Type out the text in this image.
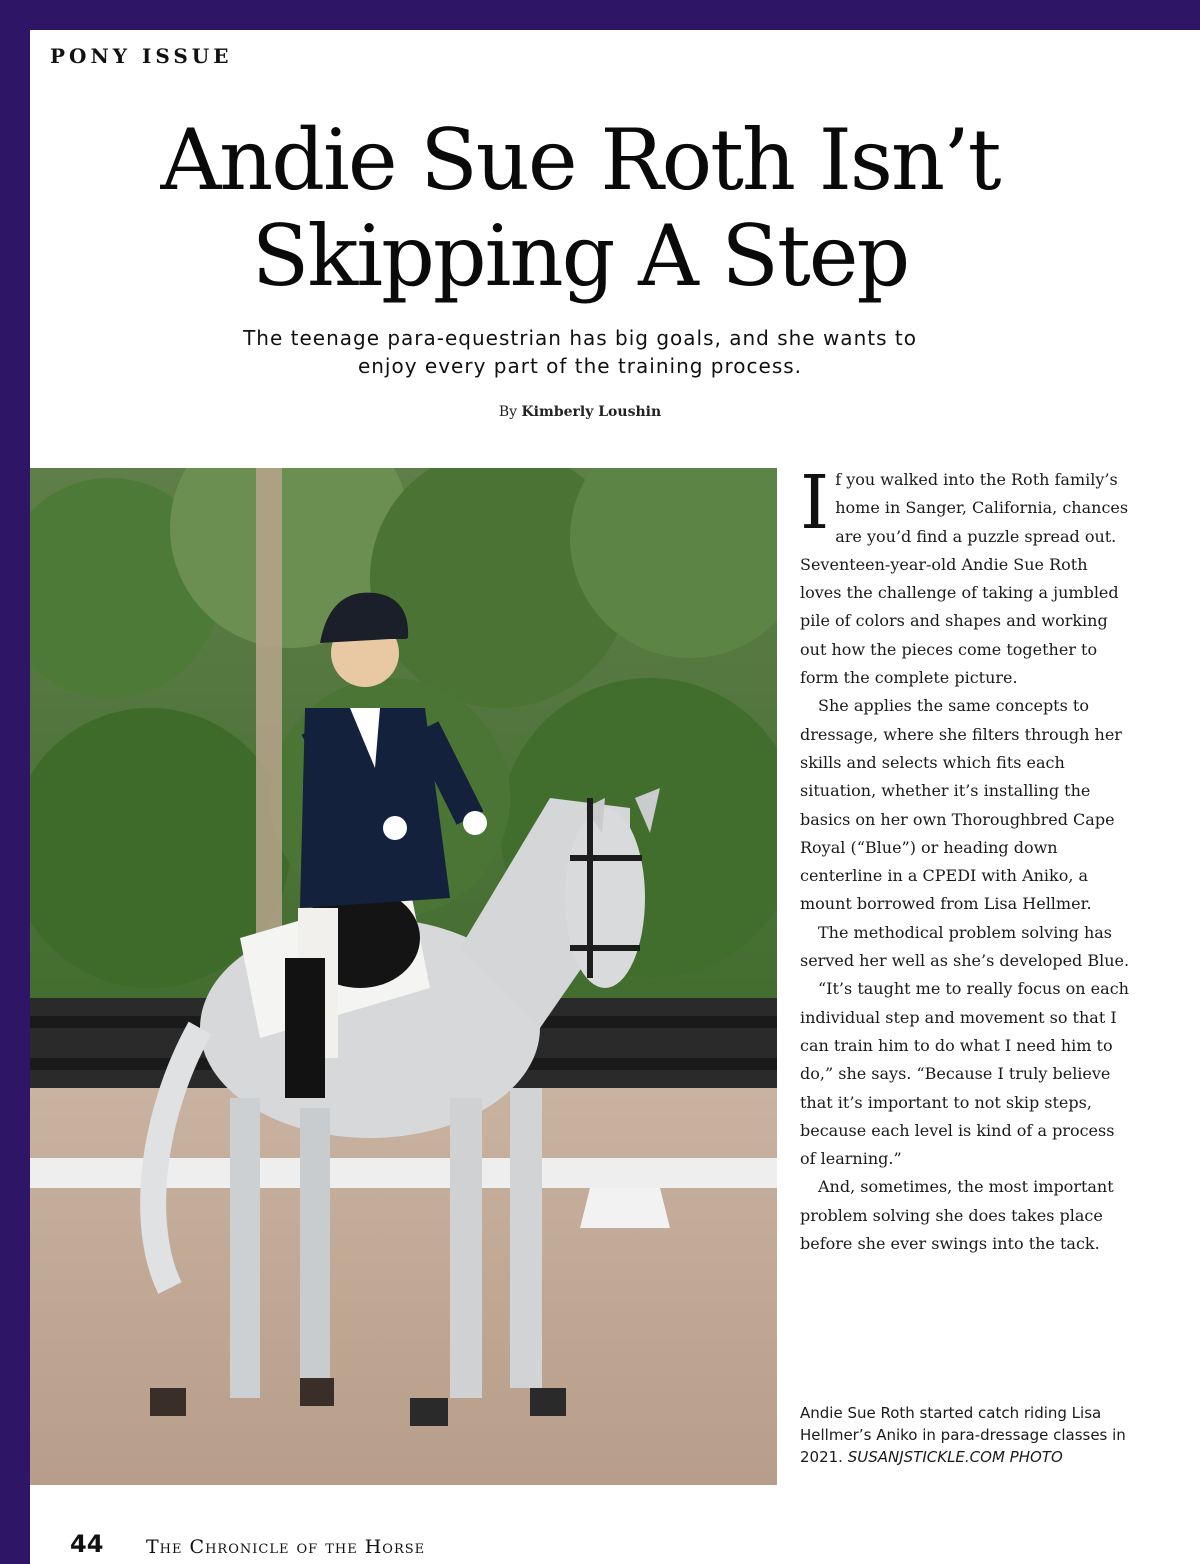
PONY ISSUE
Andie Sue Roth Isn’t
Skipping A Step
The teenage para-equestrian has big goals, and she wants to
enjoy every part of the training process.
By Kimberly Loushin

If you walked into the Roth family’s home in Sanger, California, chances are you’d find a puzzle spread out. Seventeen-year-old Andie Sue Roth loves the challenge of taking a jumbled pile of colors and shapes and working out how the pieces come together to form the complete picture.

She applies the same concepts to dressage, where she filters through her skills and selects which fits each situation, whether it’s installing the basics on her own Thoroughbred Cape Royal (“Blue”) or heading down centerline in a CPEDI with Aniko, a mount borrowed from Lisa Hellmer.

The methodical problem solving has served her well as she’s developed Blue.

“It’s taught me to really focus on each individual step and movement so that I can train him to do what I need him to do,” she says. “Because I truly believe that it’s important to not skip steps, because each level is kind of a process of learning.”

And, sometimes, the most important problem solving she does takes place before she ever swings into the tack.

Andie Sue Roth started catch riding Lisa Hellmer’s Aniko in para-dressage classes in 2021. SUSANJSTICKLE.COM PHOTO
44 The Chronicle of the Horse
